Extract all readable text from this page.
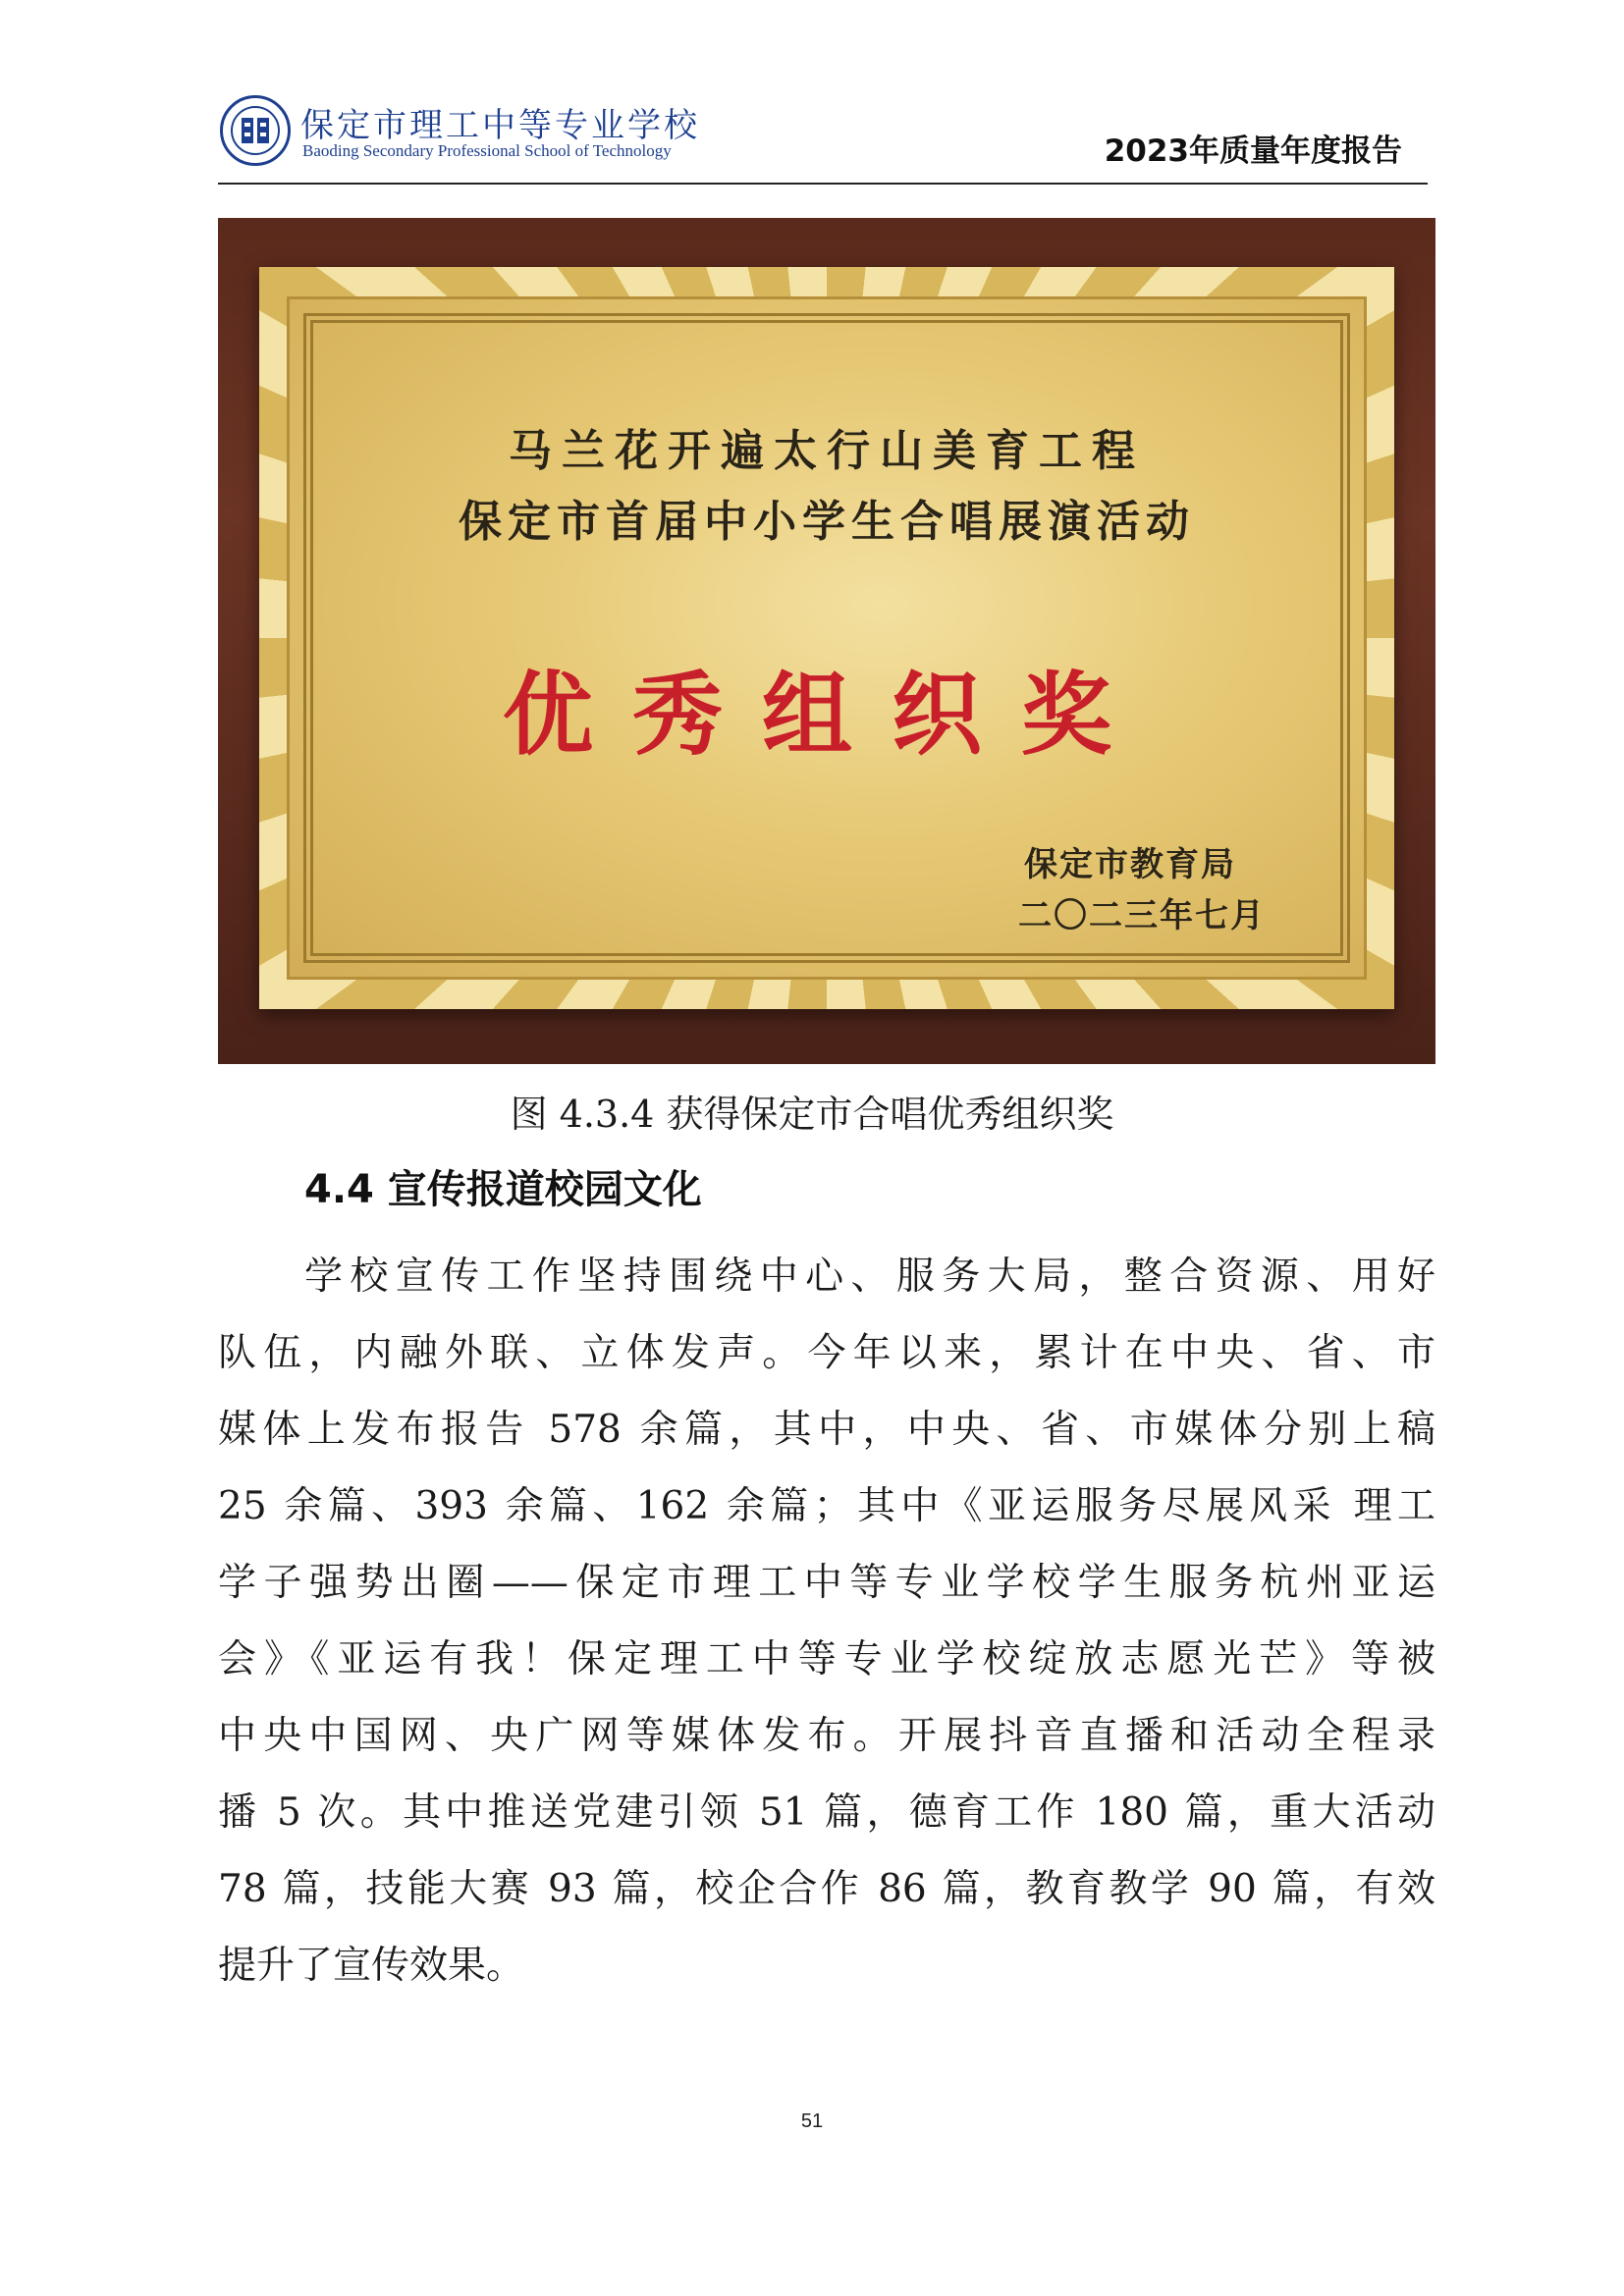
保定市理工中等专业学校
Baoding Secondary Professional School of Technology	2023年质量年度报告
马兰花开遍太行山美育工程
保定市首届中小学生合唱展演活动
优秀组织奖
保定市教育局
二〇二三年七月
图 4.3.4 获得保定市合唱优秀组织奖
4.4 宣传报道校园文化
学校宣传工作坚持围绕中心、服务大局，整合资源、用好
队伍，内融外联、立体发声。今年以来，累计在中央、省、市
媒体上发布报告 578 余篇，其中，中央、省、市媒体分别上稿
25 余篇、393 余篇、162 余篇；其中《亚运服务尽展风采 理工
学子强势出圈——保定市理工中等专业学校学生服务杭州亚运
会》《亚运有我！保定理工中等专业学校绽放志愿光芒》等被
中央中国网、央广网等媒体发布。开展抖音直播和活动全程录
播 5 次。其中推送党建引领 51 篇，德育工作 180 篇，重大活动
78 篇，技能大赛 93 篇，校企合作 86 篇，教育教学 90 篇，有效
提升了宣传效果。
51
